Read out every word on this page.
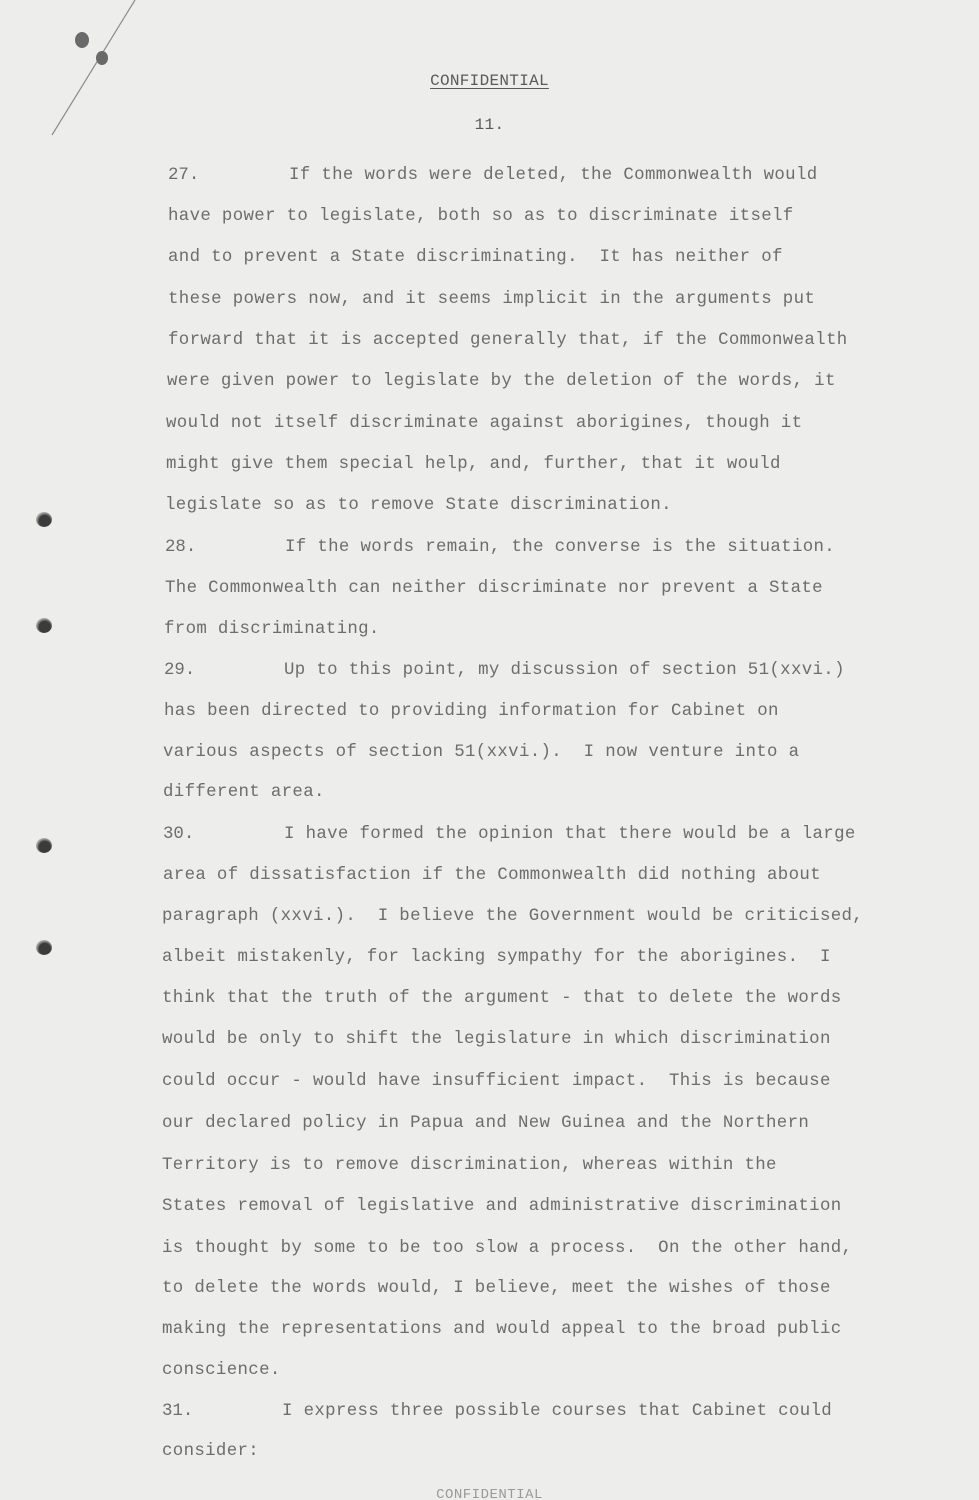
CONFIDENTIAL
11.
27.	If the words were deleted, the Commonwealth would
have power to legislate, both so as to discriminate itself
and to prevent a State discriminating.  It has neither of
these powers now, and it seems implicit in the arguments put
forward that it is accepted generally that, if the Commonwealth
were given power to legislate by the deletion of the words, it
would not itself discriminate against aborigines, though it
might give them special help, and, further, that it would
legislate so as to remove State discrimination.
28.	If the words remain, the converse is the situation.
The Commonwealth can neither discriminate nor prevent a State
from discriminating.
29.	Up to this point, my discussion of section 51(xxvi.)
has been directed to providing information for Cabinet on
various aspects of section 51(xxvi.).  I now venture into a
different area.
30.	I have formed the opinion that there would be a large
area of dissatisfaction if the Commonwealth did nothing about
paragraph (xxvi.).  I believe the Government would be criticised,
albeit mistakenly, for lacking sympathy for the aborigines.  I
think that the truth of the argument - that to delete the words
would be only to shift the legislature in which discrimination
could occur - would have insufficient impact.  This is because
our declared policy in Papua and New Guinea and the Northern
Territory is to remove discrimination, whereas within the
States removal of legislative and administrative discrimination
is thought by some to be too slow a process.  On the other hand,
to delete the words would, I believe, meet the wishes of those
making the representations and would appeal to the broad public
conscience.
31.	I express three possible courses that Cabinet could
consider:
CONFIDENTIAL
